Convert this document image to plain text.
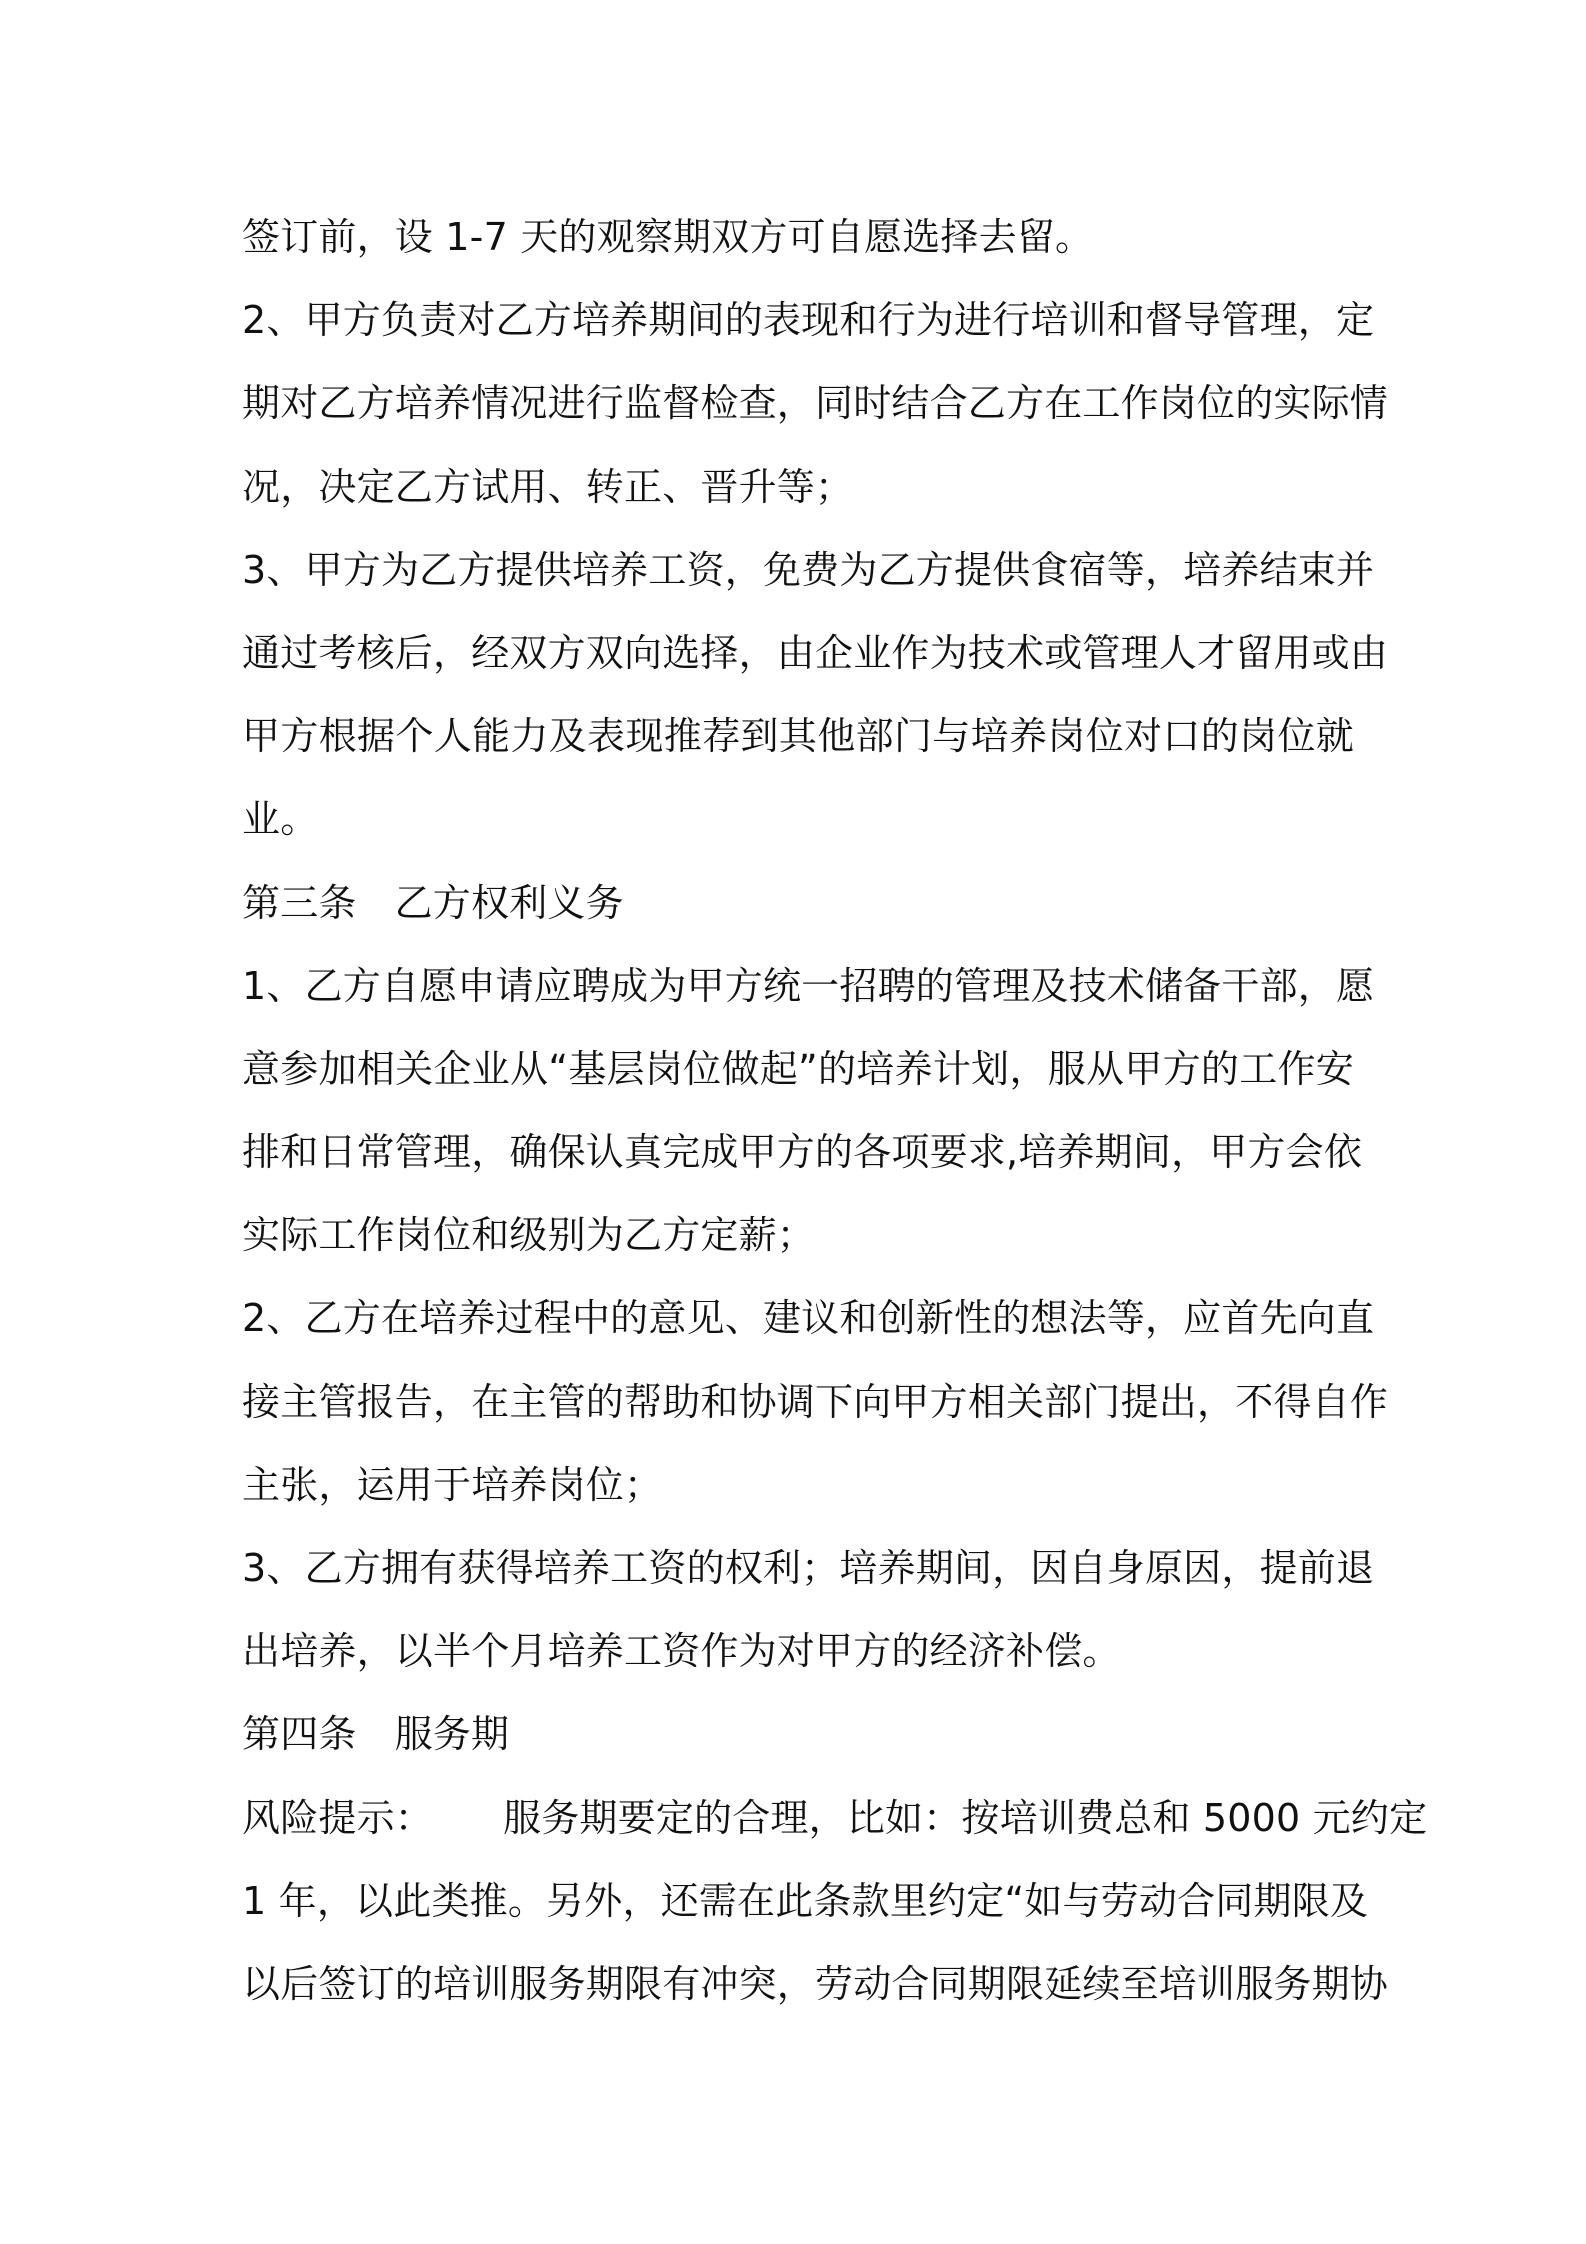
签订前，设 1-7 天的观察期双方可自愿选择去留。
2、甲方负责对乙方培养期间的表现和行为进行培训和督导管理，定
期对乙方培养情况进行监督检查，同时结合乙方在工作岗位的实际情
况，决定乙方试用、转正、晋升等；
3、甲方为乙方提供培养工资，免费为乙方提供食宿等，培养结束并
通过考核后，经双方双向选择，由企业作为技术或管理人才留用或由
甲方根据个人能力及表现推荐到其他部门与培养岗位对口的岗位就
业。
第三条 乙方权利义务
1、乙方自愿申请应聘成为甲方统一招聘的管理及技术储备干部，愿
意参加相关企业从“基层岗位做起”的培养计划，服从甲方的工作安
排和日常管理，确保认真完成甲方的各项要求,培养期间，甲方会依
实际工作岗位和级别为乙方定薪；
2、乙方在培养过程中的意见、建议和创新性的想法等，应首先向直
接主管报告，在主管的帮助和协调下向甲方相关部门提出，不得自作
主张，运用于培养岗位；
3、乙方拥有获得培养工资的权利；培养期间，因自身原因，提前退
出培养，以半个月培养工资作为对甲方的经济补偿。
第四条 服务期
风险提示： 服务期要定的合理，比如：按培训费总和 5000 元约定
1 年，以此类推。另外，还需在此条款里约定“如与劳动合同期限及
以后签订的培训服务期限有冲突，劳动合同期限延续至培训服务期协
